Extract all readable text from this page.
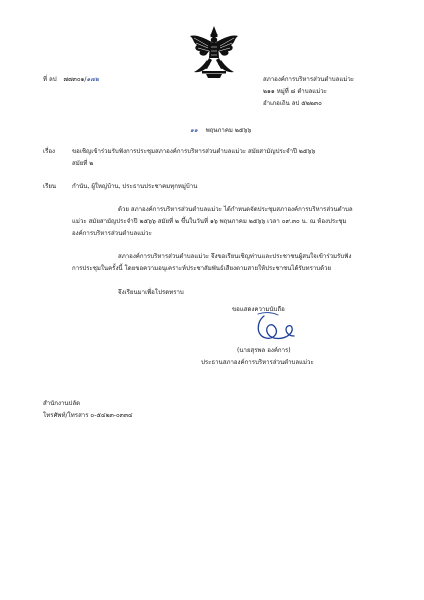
ที่ ลป ๗๗๓๐๑/๑๗๒	สภาองค์การบริหารส่วนตำบลแม่วะ
๒๑๑ หมู่ที่ ๘ ตำบลแม่วะ
อำเภอเถิน ลป ๕๒๒๓๐
๑๑ พฤษภาคม ๒๕๖๖
เรื่อง	ขอเชิญเข้าร่วมรับฟังการประชุมสภาองค์การบริหารส่วนตำบลแม่วะ สมัยสามัญประจำปี ๒๕๖๖
สมัยที่ ๒
เรียน	กำนัน, ผู้ใหญ่บ้าน, ประธานประชาคมทุกหมู่บ้าน
ด้วย สภาองค์การบริหารส่วนตำบลแม่วะ ได้กำหนดจัดประชุมสภาองค์การบริหารส่วนตำบล
แม่วะ สมัยสามัญประจำปี ๒๕๖๖ สมัยที่ ๒ ขึ้นในวันที่ ๑๖ พฤษภาคม ๒๕๖๖ เวลา ๐๙.๓๐ น. ณ ห้องประชุม
องค์การบริหารส่วนตำบลแม่วะ
สภาองค์การบริหารส่วนตำบลแม่วะ จึงขอเรียนเชิญท่านและประชาชนผู้สนใจเข้าร่วมรับฟัง
การประชุมในครั้งนี้ โดยขอความอนุเคราะห์ประชาสัมพันธ์เสียงตามสายให้ประชาชนได้รับทราบด้วย
จึงเรียนมาเพื่อโปรดทราบ
ขอแสดงความนับถือ
(นายสุรพล องค์การ)
ประธานสภาองค์การบริหารส่วนตำบลแม่วะ
สำนักงานปลัด
โทรศัพท์/โทรสาร ๐-๕๔๒๓-๐๓๓๔
